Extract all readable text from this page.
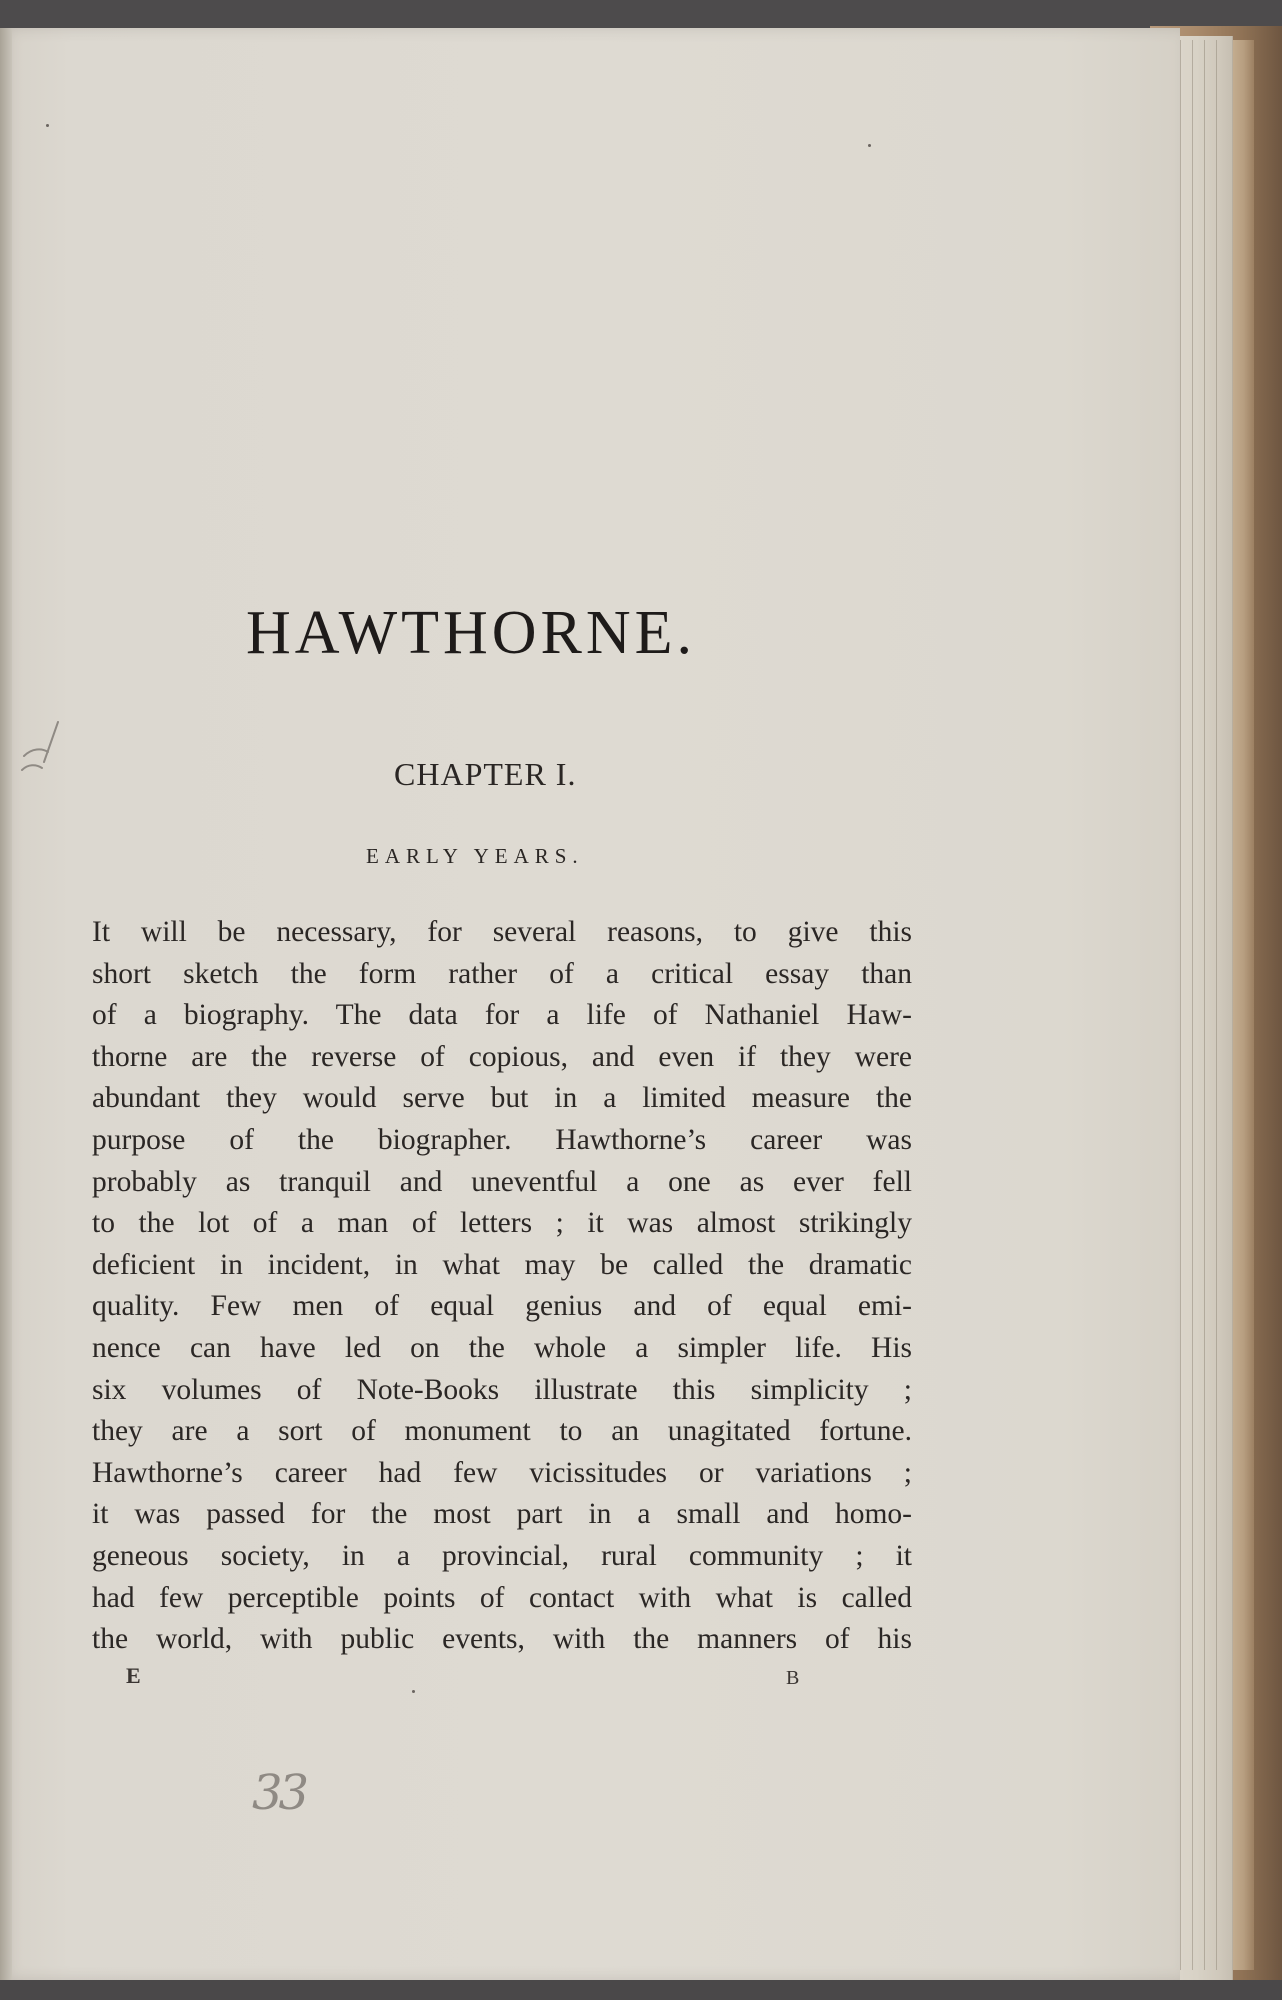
HAWTHORNE.
CHAPTER I.
EARLY YEARS.
It will be necessary, for several reasons, to give this
short sketch the form rather of a critical essay than
of a biography. The data for a life of Nathaniel Haw-
thorne are the reverse of copious, and even if they were
abundant they would serve but in a limited measure the
purpose of the biographer. Hawthorne’s career was
probably as tranquil and uneventful a one as ever fell
to the lot of a man of letters ; it was almost strikingly
deficient in incident, in what may be called the dramatic
quality. Few men of equal genius and of equal emi-
nence can have led on the whole a simpler life. His
six volumes of Note-Books illustrate this simplicity ;
they are a sort of monument to an unagitated fortune.
Hawthorne’s career had few vicissitudes or variations ;
it was passed for the most part in a small and homo-
geneous society, in a provincial, rural community ; it
had few perceptible points of contact with what is called
the world, with public events, with the manners of his
E	B
33
